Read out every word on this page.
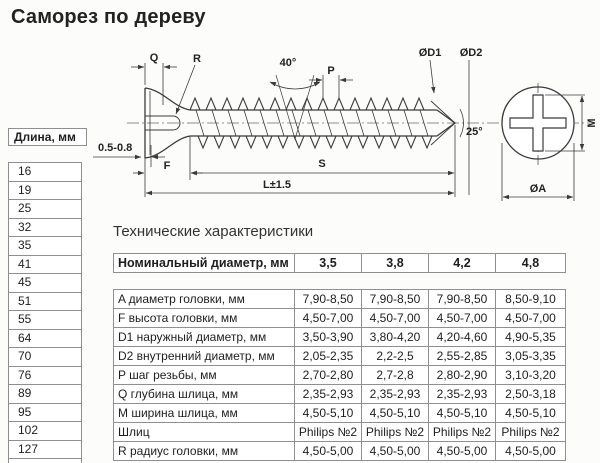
Саморез по дереву
Длина, мм
16
19
25
32
35
41
45
51
55
64
70
76
89
95
102
127
Q	R	40°
P
ØD1 ØD2
25°
0.5-0.8
F	S
L±1.5
M
ØA
Технические характеристики
Номинальный диаметр, мм	3,5	3,8	4,2	4,8
A диаметр головки, мм	7,90-8,50	7,90-8,50	7,90-8,50	8,50-9,10
F высота головки, мм	4,50-7,00	4,50-7,00	4,50-7,00	4,50-7,00
D1 наружный диаметр, мм	3,50-3,90	3,80-4,20	4,20-4,60	4,90-5,35
D2 внутренний диаметр, мм	2,05-2,35	2,2-2,5	2,55-2,85	3,05-3,35
P шаг резьбы, мм	2,70-2,80	2,7-2,8	2,80-2,90	3,10-3,20
Q глубина шлица, мм	2,35-2,93	2,35-2,93	2,35-2,93	2,50-3,18
M ширина шлица, мм	4,50-5,10	4,50-5,10	4,50-5,10	4,50-5,10
Шлиц	Philips №2	Philips №2	Philips №2	Philips №2
R радиус головки, мм	4,50-5,00	4,50-5,00	4,50-5,00	4,50-5,00
